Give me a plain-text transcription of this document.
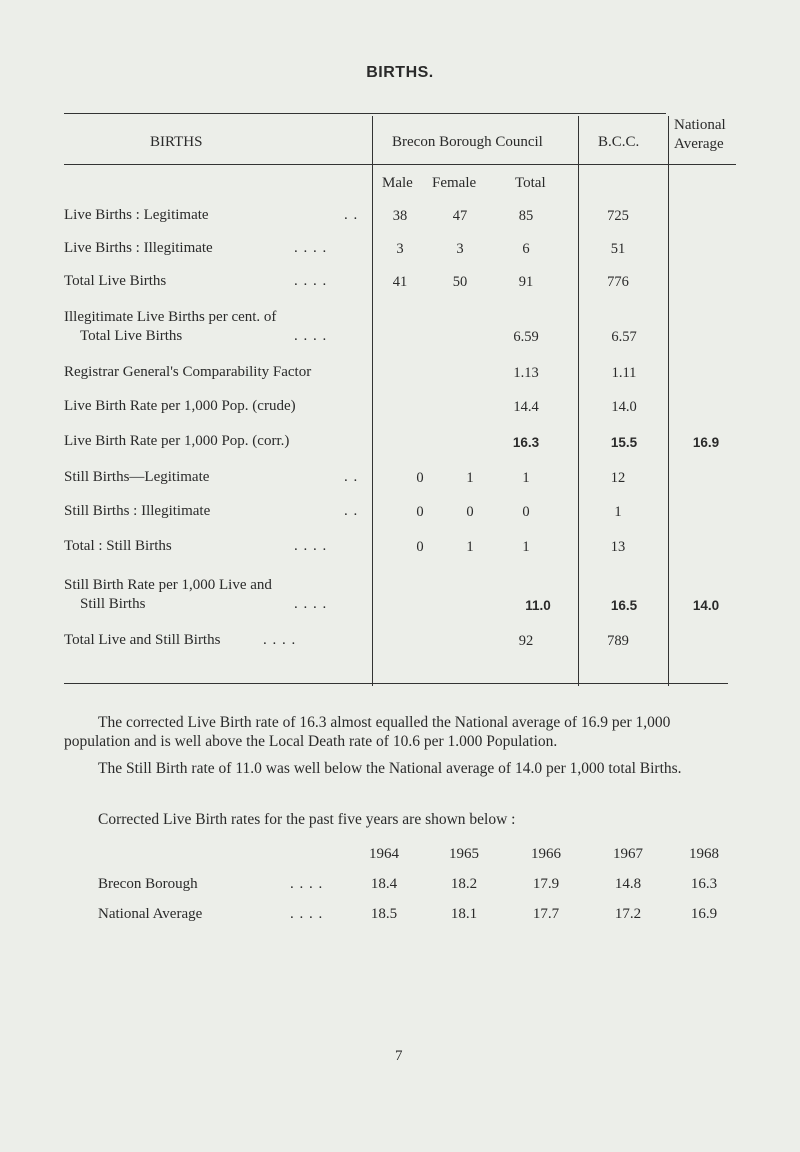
BIRTHS.
BIRTHS	Brecon Borough Council	B.C.C.
National
Average
Male Female	Total
Live Births : Legitimate	. .	38	47	85	725
Live Births : Illegitimate	. . . .	3	3	6	51
Total Live Births	. . . .	41	50	91	776
Illegitimate Live Births per cent. of
Total Live Births	. . . .	6.59	6.57
Registrar General's Comparability Factor	1.13	1.11
Live Birth Rate per 1,000 Pop. (crude)	14.4	14.0
Live Birth Rate per 1,000 Pop. (corr.)	16.3	15.5	16.9
Still Births—Legitimate	. .	0	1	1	12
Still Births : Illegitimate	. .	0	0	0	1
Total : Still Births	. . . .	0	1	1	13
Still Birth Rate per 1,000 Live and
Still Births	. . . .	11.0	16.5	14.0
Total Live and Still Births	. . . .	92	789
The corrected Live Birth rate of 16.3 almost equalled the National average of 16.9 per 1,000 population and is well above the Local Death rate of 10.6 per 1.000 Population.
The Still Birth rate of 11.0 was well below the National average of 14.0 per 1,000 total Births.
Corrected Live Birth rates for the past five years are shown below :
1964	1965	1966	1967	1968
Brecon Borough	. . . .	18.4	18.2	17.9	14.8	16.3
National Average	. . . .	18.5	18.1	17.7	17.2	16.9
7
